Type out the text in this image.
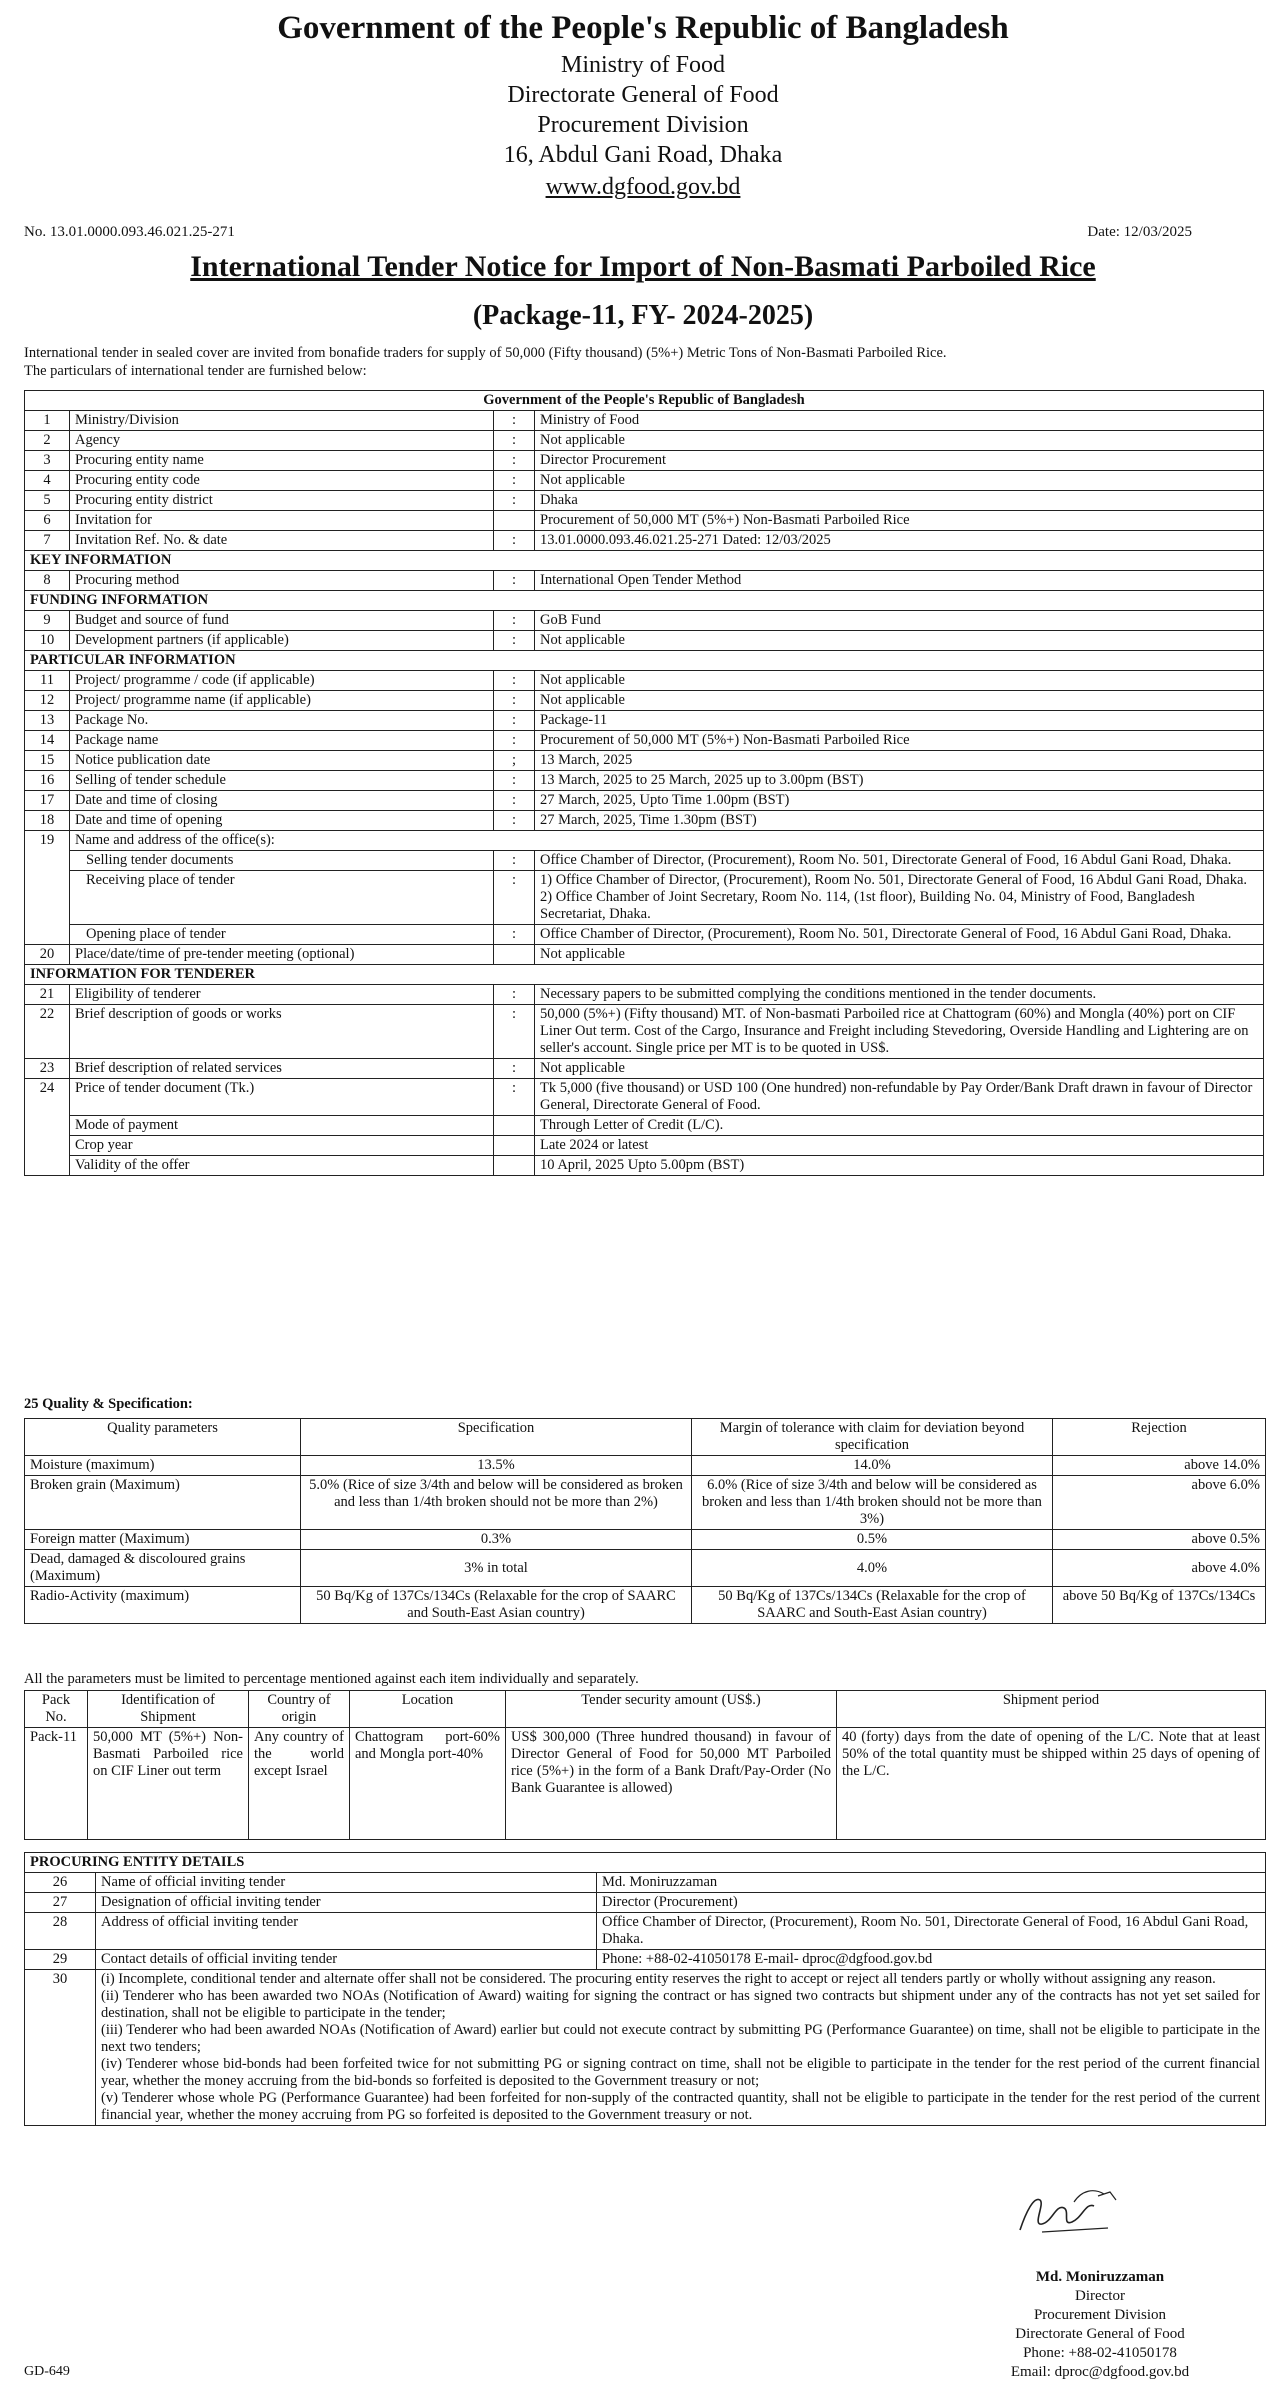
Government of the People's Republic of Bangladesh
Ministry of Food
Directorate General of Food
Procurement Division
16, Abdul Gani Road, Dhaka
www.dgfood.gov.bd
No. 13.01.0000.093.46.021.25-271	Date: 12/03/2025
International Tender Notice for Import of Non-Basmati Parboiled Rice
(Package-11, FY- 2024-2025)
International tender in sealed cover are invited from bonafide traders for supply of 50,000 (Fifty thousand) (5%+) Metric Tons of Non-Basmati Parboiled Rice.
The particulars of international tender are furnished below:
Government of the People's Republic of Bangladesh			
1	Ministry/Division	:	Ministry of Food
2	Agency	:	Not applicable
3	Procuring entity name	:	Director Procurement
4	Procuring entity code	:	Not applicable
5	Procuring entity district	:	Dhaka
6	Invitation for		Procurement of 50,000 MT (5%+) Non-Basmati Parboiled Rice
7	Invitation Ref. No. & date	:	13.01.0000.093.46.021.25-271 Dated: 12/03/2025
KEY INFORMATION			
8	Procuring method	:	International Open Tender Method
FUNDING INFORMATION			
9	Budget and source of fund	:	GoB Fund
10	Development partners (if applicable)	:	Not applicable
PARTICULAR INFORMATION			
11	Project/ programme / code (if applicable)	:	Not applicable
12	Project/ programme name (if applicable)	:	Not applicable
13	Package No.	:	Package-11
14	Package name	:	Procurement of 50,000 MT (5%+) Non-Basmati Parboiled Rice
15	Notice publication date	;	13 March, 2025
16	Selling of tender schedule	:	13 March, 2025 to 25 March, 2025 up to 3.00pm (BST)
17	Date and time of closing	:	27 March, 2025, Upto Time 1.00pm (BST)
18	Date and time of opening	:	27 March, 2025, Time 1.30pm (BST)
19	Name and address of the office(s):		
	Selling tender documents	:	Office Chamber of Director, (Procurement), Room No. 501, Directorate General of Food, 16 Abdul Gani Road, Dhaka.
	Receiving place of tender	:	1) Office Chamber of Director, (Procurement), Room No. 501, Directorate General of Food, 16 Abdul Gani Road, Dhaka.
2) Office Chamber of Joint Secretary, Room No. 114, (1st floor), Building No. 04, Ministry of Food, Bangladesh Secretariat, Dhaka.

	Opening place of tender	:	Office Chamber of Director, (Procurement), Room No. 501, Directorate General of Food, 16 Abdul Gani Road, Dhaka.
20	Place/date/time of pre-tender meeting (optional)		Not applicable
INFORMATION FOR TENDERER			
21	Eligibility of tenderer	:	Necessary papers to be submitted complying the conditions mentioned in the tender documents.
22	Brief description of goods or works	:	50,000 (5%+) (Fifty thousand) MT. of Non-basmati Parboiled rice at Chattogram (60%) and Mongla (40%) port on CIF Liner Out term. Cost of the Cargo, Insurance and Freight including Stevedoring, Overside Handling and Lightering are on seller's account. Single price per MT is to be quoted in US$.
23	Brief description of related services	:	Not applicable
24	Price of tender document (Tk.)	:	Tk 5,000 (five thousand) or USD 100 (One hundred) non-refundable by Pay Order/Bank Draft drawn in favour of Director General, Directorate General of Food.
	Mode of payment		Through Letter of Credit (L/C).
	Crop year		Late 2024 or latest
	Validity of the offer		10 April, 2025 Upto 5.00pm (BST)
25 Quality & Specification:
Quality parameters	Specification	Margin of tolerance with claim for deviation beyond specification	Rejection
Moisture (maximum)	13.5%	14.0%	above 14.0%
Broken grain (Maximum)	5.0% (Rice of size 3/4th and below will be considered as broken and less than 1/4th broken should not be more than 2%)	6.0% (Rice of size 3/4th and below will be considered as broken and less than 1/4th broken should not be more than 3%)	above 6.0%
Foreign matter (Maximum)	0.3%	0.5%	above 0.5%
Dead, damaged & discoloured grains (Maximum)	3% in total	4.0%	above 4.0%
Radio-Activity (maximum)	50 Bq/Kg of 137Cs/134Cs (Relaxable for the crop of SAARC and South-East Asian country)	50 Bq/Kg of 137Cs/134Cs (Relaxable for the crop of SAARC and South-East Asian country)	above 50 Bq/Kg of 137Cs/134Cs
All the parameters must be limited to percentage mentioned against each item individually and separately.
Pack No.	Identification of Shipment	Country of origin	Location	Tender security amount (US$.)	Shipment period
Pack-11	50,000 MT (5%+) Non-Basmati Parboiled rice on CIF Liner out term	Any country of the world except Israel	Chattogram port-60% and Mongla port-40%	US$ 300,000 (Three hundred thousand) in favour of Director General of Food for 50,000 MT Parboiled rice (5%+) in the form of a Bank Draft/Pay-Order (No Bank Guarantee is allowed)	40 (forty) days from the date of opening of the L/C. Note that at least 50% of the total quantity must be shipped within 25 days of opening of the L/C.
PROCURING ENTITY DETAILS		
26	Name of official inviting tender	Md. Moniruzzaman
27	Designation of official inviting tender	Director (Procurement)
28	Address of official inviting tender	Office Chamber of Director, (Procurement), Room No. 501, Directorate General of Food, 16 Abdul Gani Road, Dhaka.
29	Contact details of official inviting tender	Phone: +88-02-41050178 E-mail- dproc@dgfood.gov.bd
30	(i) Incomplete, conditional tender and alternate offer shall not be considered. The procuring entity reserves the right to accept or reject all tenders partly or wholly without assigning any reason.
(ii) Tenderer who has been awarded two NOAs (Notification of Award) waiting for signing the contract or has signed two contracts but shipment under any of the contracts has not yet set sailed for destination, shall not be eligible to participate in the tender;
(iii) Tenderer who had been awarded NOAs (Notification of Award) earlier but could not execute contract by submitting PG (Performance Guarantee) on time, shall not be eligible to participate in the next two tenders;
(iv) Tenderer whose bid-bonds had been forfeited twice for not submitting PG or signing contract on time, shall not be eligible to participate in the tender for the rest period of the current financial year, whether the money accruing from the bid-bonds so forfeited is deposited to the Government treasury or not;
(v) Tenderer whose whole PG (Performance Guarantee) had been forfeited for non-supply of the contracted quantity, shall not be eligible to participate in the tender for the rest period of the current financial year, whether the money accruing from PG so forfeited is deposited to the Government treasury or not.	
Md. Moniruzzaman
Director
Procurement Division
Directorate General of Food
Phone: +88-02-41050178
Email: dproc@dgfood.gov.bd
GD-649
